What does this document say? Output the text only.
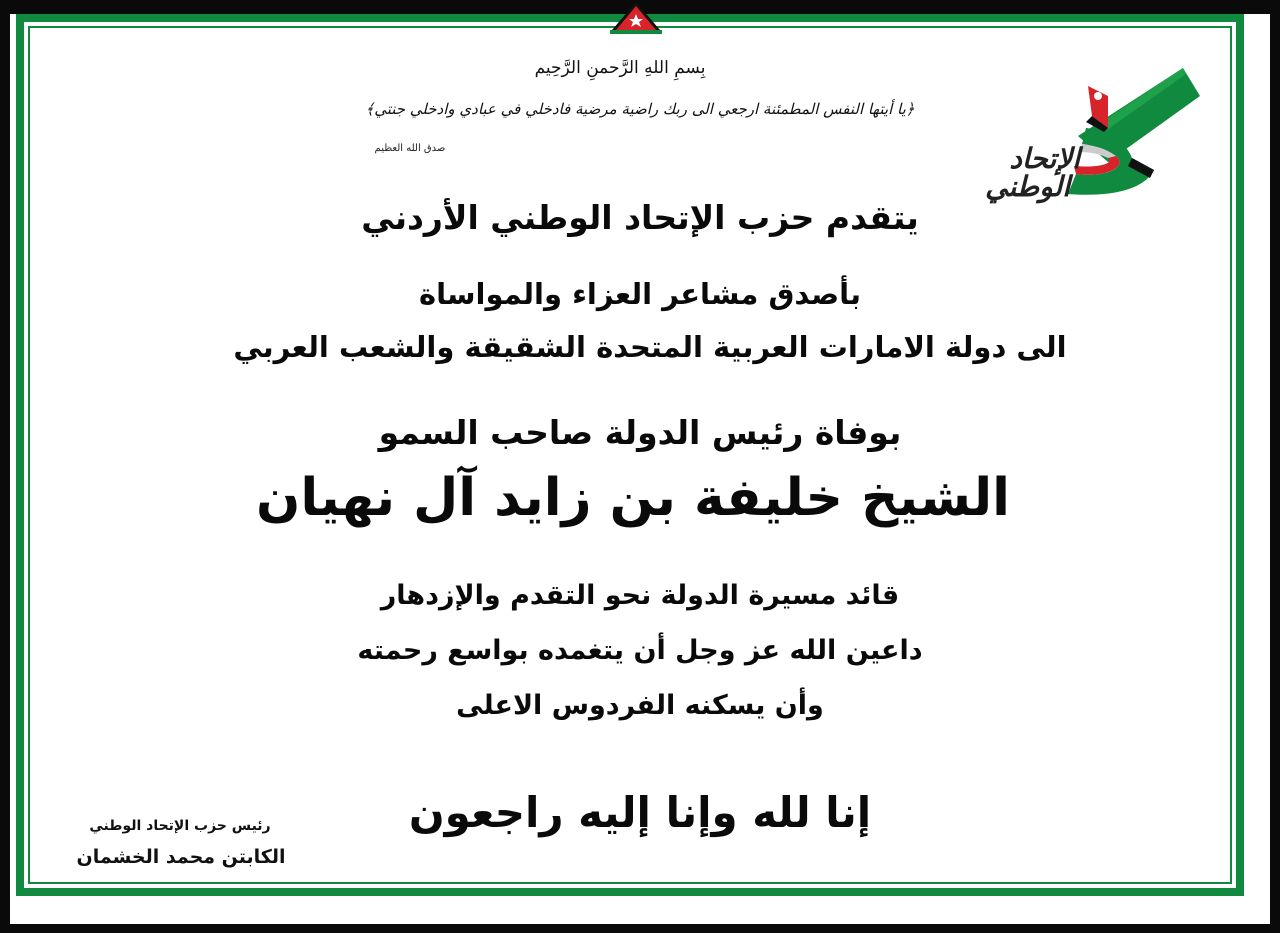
بِسمِ اللهِ الرَّحمنِ الرَّحِيم
﴿يا أيتها النفس المطمئنة ارجعي الى ربك راضية مرضية فادخلي في عبادي وادخلي جنتي﴾
صدق الله العظيم	الإتحاد
الوطني
يتقدم حزب الإتحاد الوطني الأردني
بأصدق مشاعر العزاء والمواساة
الى دولة الامارات العربية المتحدة الشقيقة والشعب العربي
بوفاة رئيس الدولة صاحب السمو
الشيخ خليفة بن زايد آل نهيان
قائد مسيرة الدولة نحو التقدم والإزدهار
داعين الله عز وجل أن يتغمده بواسع رحمته
وأن يسكنه الفردوس الاعلى
إنا لله وإنا إليه راجعون
رئيس حزب الإتحاد الوطني
الكابتن محمد الخشمان
